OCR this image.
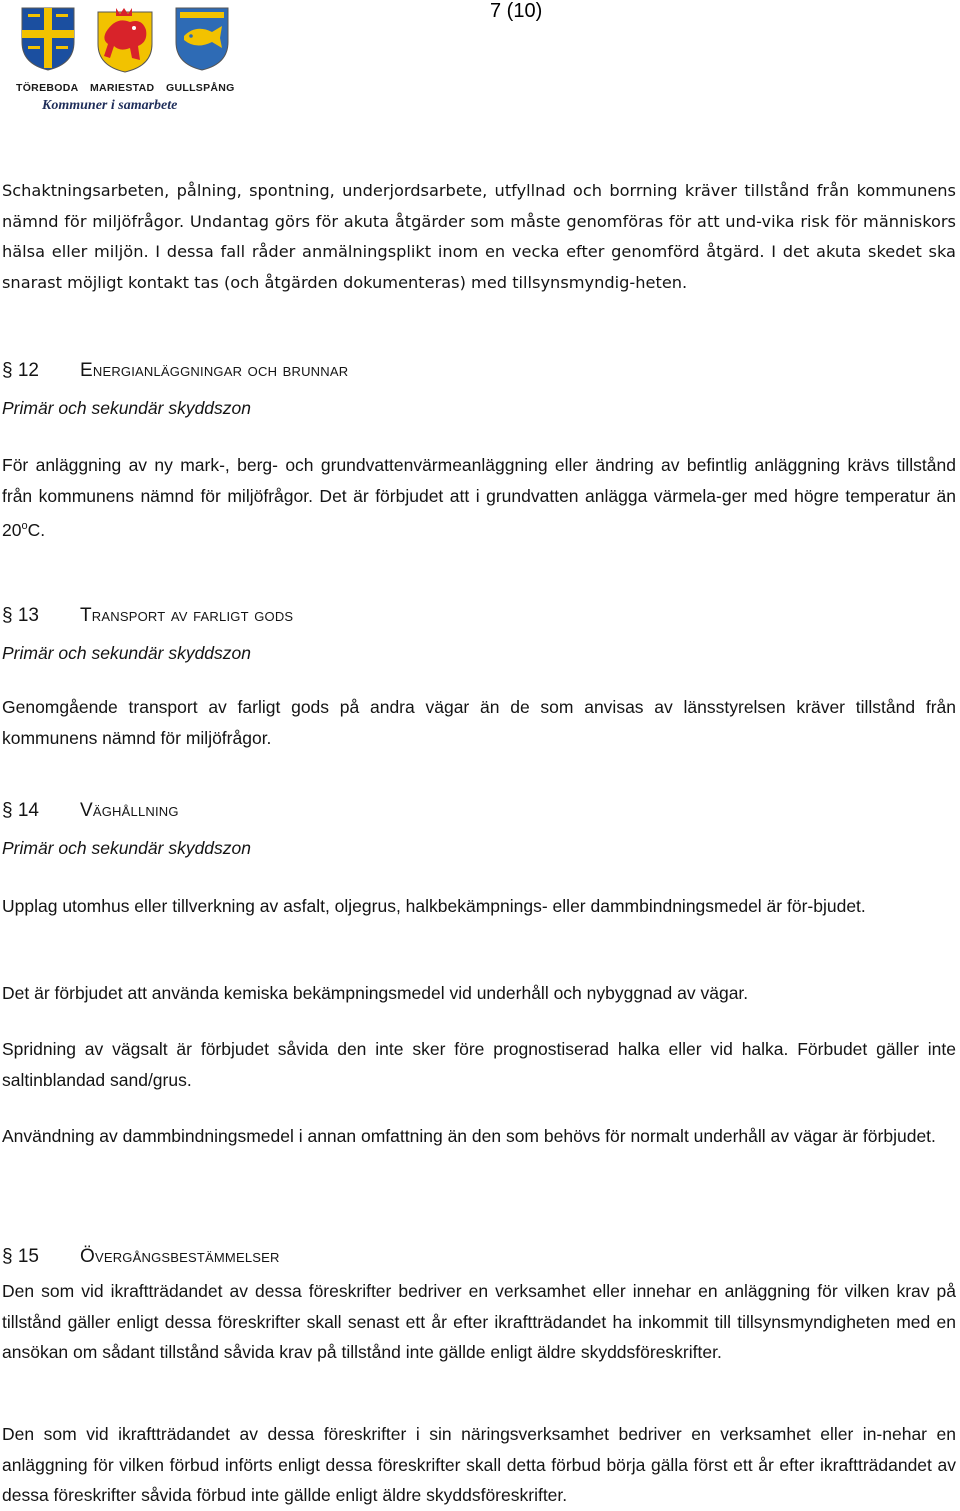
7 (10)
TÖREBODA MARIESTAD GULLSPÅNG
Kommuner i samarbete

Schaktningsarbeten, pålning, spontning, underjordsarbete, utfyllnad och borrning kräver tillstånd från kommunens nämnd för miljöfrågor. Undantag görs för akuta åtgärder som måste genomföras för att und-vika risk för människors hälsa eller miljön. I dessa fall råder anmälningsplikt inom en vecka efter genomförd åtgärd. I det akuta skedet ska snarast möjligt kontakt tas (och åtgärden dokumenteras) med tillsynsmyndig-heten.

§ 12 Energianläggningar och brunnar

Primär och sekundär skyddszon

För anläggning av ny mark-, berg- och grundvattenvärmeanläggning eller ändring av befintlig anläggning krävs tillstånd från kommunens nämnd för miljöfrågor. Det är förbjudet att i grundvatten anlägga värmela-ger med högre temperatur än 20$^o$C.

§ 13 Transport av farligt gods

Primär och sekundär skyddszon

Genomgående transport av farligt gods på andra vägar än de som anvisas av länsstyrelsen kräver tillstånd från kommunens nämnd för miljöfrågor.

§ 14 Väghållning

Primär och sekundär skyddszon

Upplag utomhus eller tillverkning av asfalt, oljegrus, halkbekämpnings- eller dammbindningsmedel är för-bjudet.

Det är förbjudet att använda kemiska bekämpningsmedel vid underhåll och nybyggnad av vägar.

Spridning av vägsalt är förbjudet såvida den inte sker före prognostiserad halka eller vid halka. Förbudet gäller inte saltinblandad sand/grus.

Användning av dammbindningsmedel i annan omfattning än den som behövs för normalt underhåll av vägar är förbjudet.

§ 15 Övergångsbestämmelser

Den som vid ikraftträdandet av dessa föreskrifter bedriver en verksamhet eller innehar en anläggning för vilken krav på tillstånd gäller enligt dessa föreskrifter skall senast ett år efter ikraftträdandet ha inkommit till tillsynsmyndigheten med en ansökan om sådant tillstånd såvida krav på tillstånd inte gällde enligt äldre skyddsföreskrifter.

Den som vid ikraftträdandet av dessa föreskrifter i sin näringsverksamhet bedriver en verksamhet eller in-nehar en anläggning för vilken förbud införts enligt dessa föreskrifter skall detta förbud börja gälla först ett år efter ikraftträdandet av dessa föreskrifter såvida förbud inte gällde enligt äldre skyddsföreskrifter.
